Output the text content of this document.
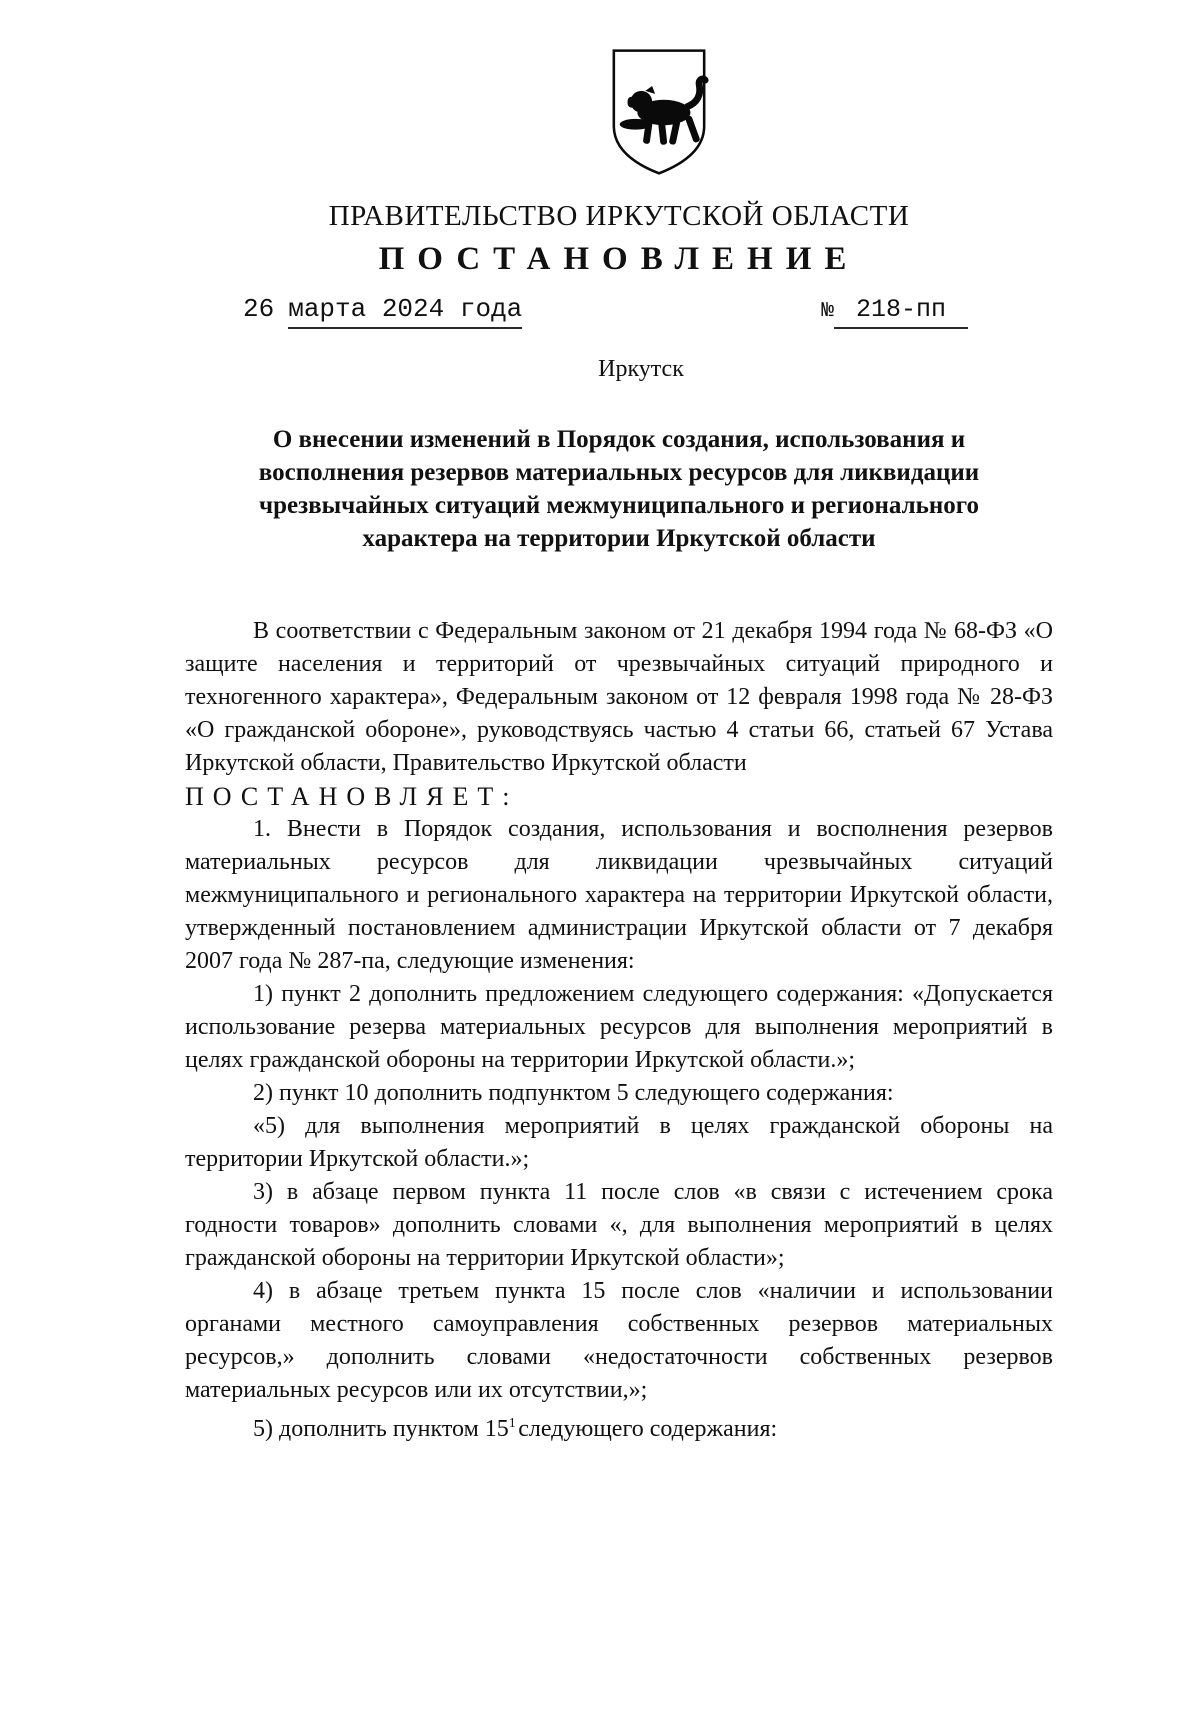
ПРАВИТЕЛЬСТВО ИРКУТСКОЙ ОБЛАСТИ
ПОСТАНОВЛЕНИЕ
26 марта 2024 года	№ 218-пп
Иркутск
О внесении изменений в Порядок создания, использования и восполнения резервов материальных ресурсов для ликвидации чрезвычайных ситуаций межмуниципального и регионального характера на территории Иркутской области

В соответствии с Федеральным законом от 21 декабря 1994 года № 68-ФЗ «О защите населения и территорий от чрезвычайных ситуаций природного и техногенного характера», Федеральным законом от 12 февраля 1998 года № 28-ФЗ «О гражданской обороне», руководствуясь частью 4 статьи 66, статьей 67 Устава Иркутской области, Правительство Иркутской области

ПОСТАНОВЛЯЕТ:

1. Внести в Порядок создания, использования и восполнения резервов материальных ресурсов для ликвидации чрезвычайных ситуаций межмуниципального и регионального характера на территории Иркутской области, утвержденный постановлением администрации Иркутской области от 7 декабря 2007 года № 287-па, следующие изменения:

1) пункт 2 дополнить предложением следующего содержания: «Допускается использование резерва материальных ресурсов для выполнения мероприятий в целях гражданской обороны на территории Иркутской области.»;

2) пункт 10 дополнить подпунктом 5 следующего содержания:

«5) для выполнения мероприятий в целях гражданской обороны на территории Иркутской области.»;

3) в абзаце первом пункта 11 после слов «в связи с истечением срока годности товаров» дополнить словами «, для выполнения мероприятий в целях гражданской обороны на территории Иркутской области»;

4) в абзаце третьем пункта 15 после слов «наличии и использовании органами местного самоуправления собственных резервов материальных ресурсов,» дополнить словами «недостаточности собственных резервов материальных ресурсов или их отсутствии,»;

5) дополнить пунктом $15^1$ следующего содержания:
